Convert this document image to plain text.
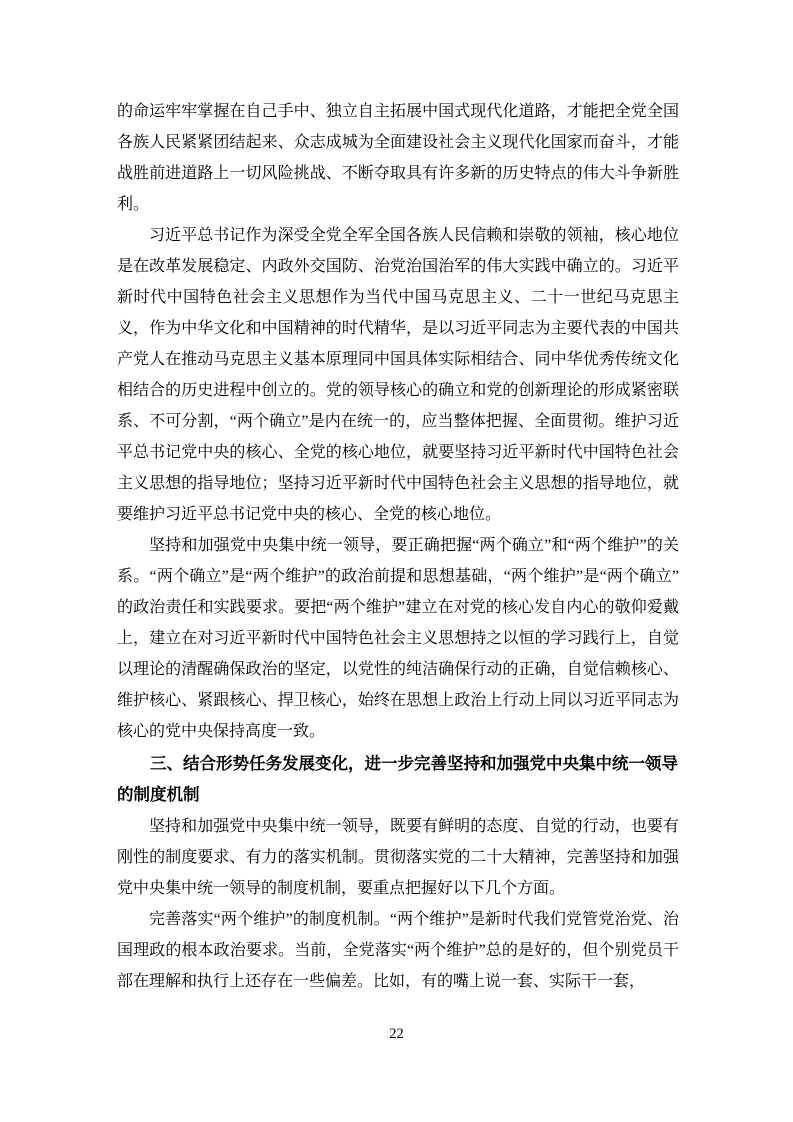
的命运牢牢掌握在自己手中、独立自主拓展中国式现代化道路，才能把全党全国各族人民紧紧团结起来、众志成城为全面建设社会主义现代化国家而奋斗，才能战胜前进道路上一切风险挑战、不断夺取具有许多新的历史特点的伟大斗争新胜利。

习近平总书记作为深受全党全军全国各族人民信赖和崇敬的领袖，核心地位是在改革发展稳定、内政外交国防、治党治国治军的伟大实践中确立的。习近平新时代中国特色社会主义思想作为当代中国马克思主义、二十一世纪马克思主义，作为中华文化和中国精神的时代精华，是以习近平同志为主要代表的中国共产党人在推动马克思主义基本原理同中国具体实际相结合、同中华优秀传统文化相结合的历史进程中创立的。党的领导核心的确立和党的创新理论的形成紧密联系、不可分割，“两个确立”是内在统一的，应当整体把握、全面贯彻。维护习近平总书记党中央的核心、全党的核心地位，就要坚持习近平新时代中国特色社会主义思想的指导地位；坚持习近平新时代中国特色社会主义思想的指导地位，就要维护习近平总书记党中央的核心、全党的核心地位。

坚持和加强党中央集中统一领导，要正确把握“两个确立”和“两个维护”的关系。“两个确立”是“两个维护”的政治前提和思想基础，“两个维护”是“两个确立”的政治责任和实践要求。要把“两个维护”建立在对党的核心发自内心的敬仰爱戴上，建立在对习近平新时代中国特色社会主义思想持之以恒的学习践行上，自觉以理论的清醒确保政治的坚定，以党性的纯洁确保行动的正确，自觉信赖核心、维护核心、紧跟核心、捍卫核心，始终在思想上政治上行动上同以习近平同志为核心的党中央保持高度一致。

三、结合形势任务发展变化，进一步完善坚持和加强党中央集中统一领导的制度机制

坚持和加强党中央集中统一领导，既要有鲜明的态度、自觉的行动，也要有刚性的制度要求、有力的落实机制。贯彻落实党的二十大精神，完善坚持和加强党中央集中统一领导的制度机制，要重点把握好以下几个方面。

完善落实“两个维护”的制度机制。“两个维护”是新时代我们党管党治党、治国理政的根本政治要求。当前，全党落实“两个维护”总的是好的，但个别党员干部在理解和执行上还存在一些偏差。比如，有的嘴上说一套、实际干一套，

22
